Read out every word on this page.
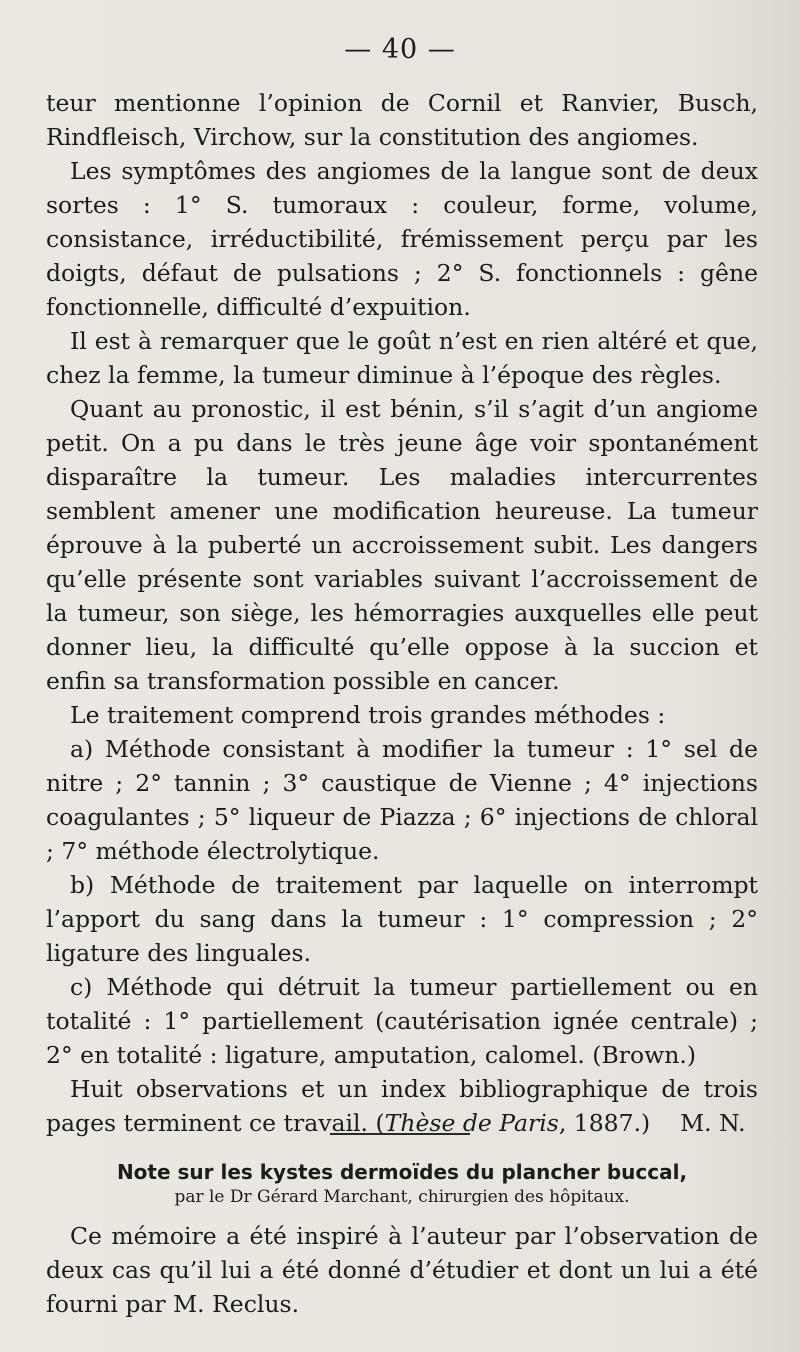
— 40 —

teur mentionne l’opinion de Cornil et Ranvier, Busch, Rindfleisch, Virchow, sur la constitution des angiomes.

Les symptômes des angiomes de la langue sont de deux sortes : 1° S. tumoraux : couleur, forme, volume, consistance, irréductibilité, frémissement perçu par les doigts, défaut de pulsations ; 2° S. fonctionnels : gêne fonctionnelle, difficulté d’expuition.

Il est à remarquer que le goût n’est en rien altéré et que, chez la femme, la tumeur diminue à l’époque des règles.

Quant au pronostic, il est bénin, s’il s’agit d’un angiome petit. On a pu dans le très jeune âge voir spontanément disparaître la tumeur. Les maladies intercurrentes semblent amener une modification heureuse. La tumeur éprouve à la puberté un accroissement subit. Les dangers qu’elle présente sont variables suivant l’accroissement de la tumeur, son siège, les hémorragies auxquelles elle peut donner lieu, la difficulté qu’elle oppose à la succion et enfin sa transformation possible en cancer.

Le traitement comprend trois grandes méthodes :

a) Méthode consistant à modifier la tumeur : 1° sel de nitre ; 2° tannin ; 3° caustique de Vienne ; 4° injections coagulantes ; 5° liqueur de Piazza ; 6° injections de chloral ; 7° méthode électrolytique.

b) Méthode de traitement par laquelle on interrompt l’apport du sang dans la tumeur : 1° compression ; 2° ligature des linguales.

c) Méthode qui détruit la tumeur partiellement ou en totalité : 1° partiellement (cautérisation ignée centrale) ; 2° en totalité : ligature, amputation, calomel. (Brown.)

Huit observations et un index bibliographique de trois pages terminent ce travail. (Thèse de Paris, 1887.) M. N.

Note sur les kystes dermoïdes du plancher buccal,
par le Dr Gérard Marchant, chirurgien des hôpitaux.

Ce mémoire a été inspiré à l’auteur par l’observation de deux cas qu’il lui a été donné d’étudier et dont un lui a été fourni par M. Reclus.
